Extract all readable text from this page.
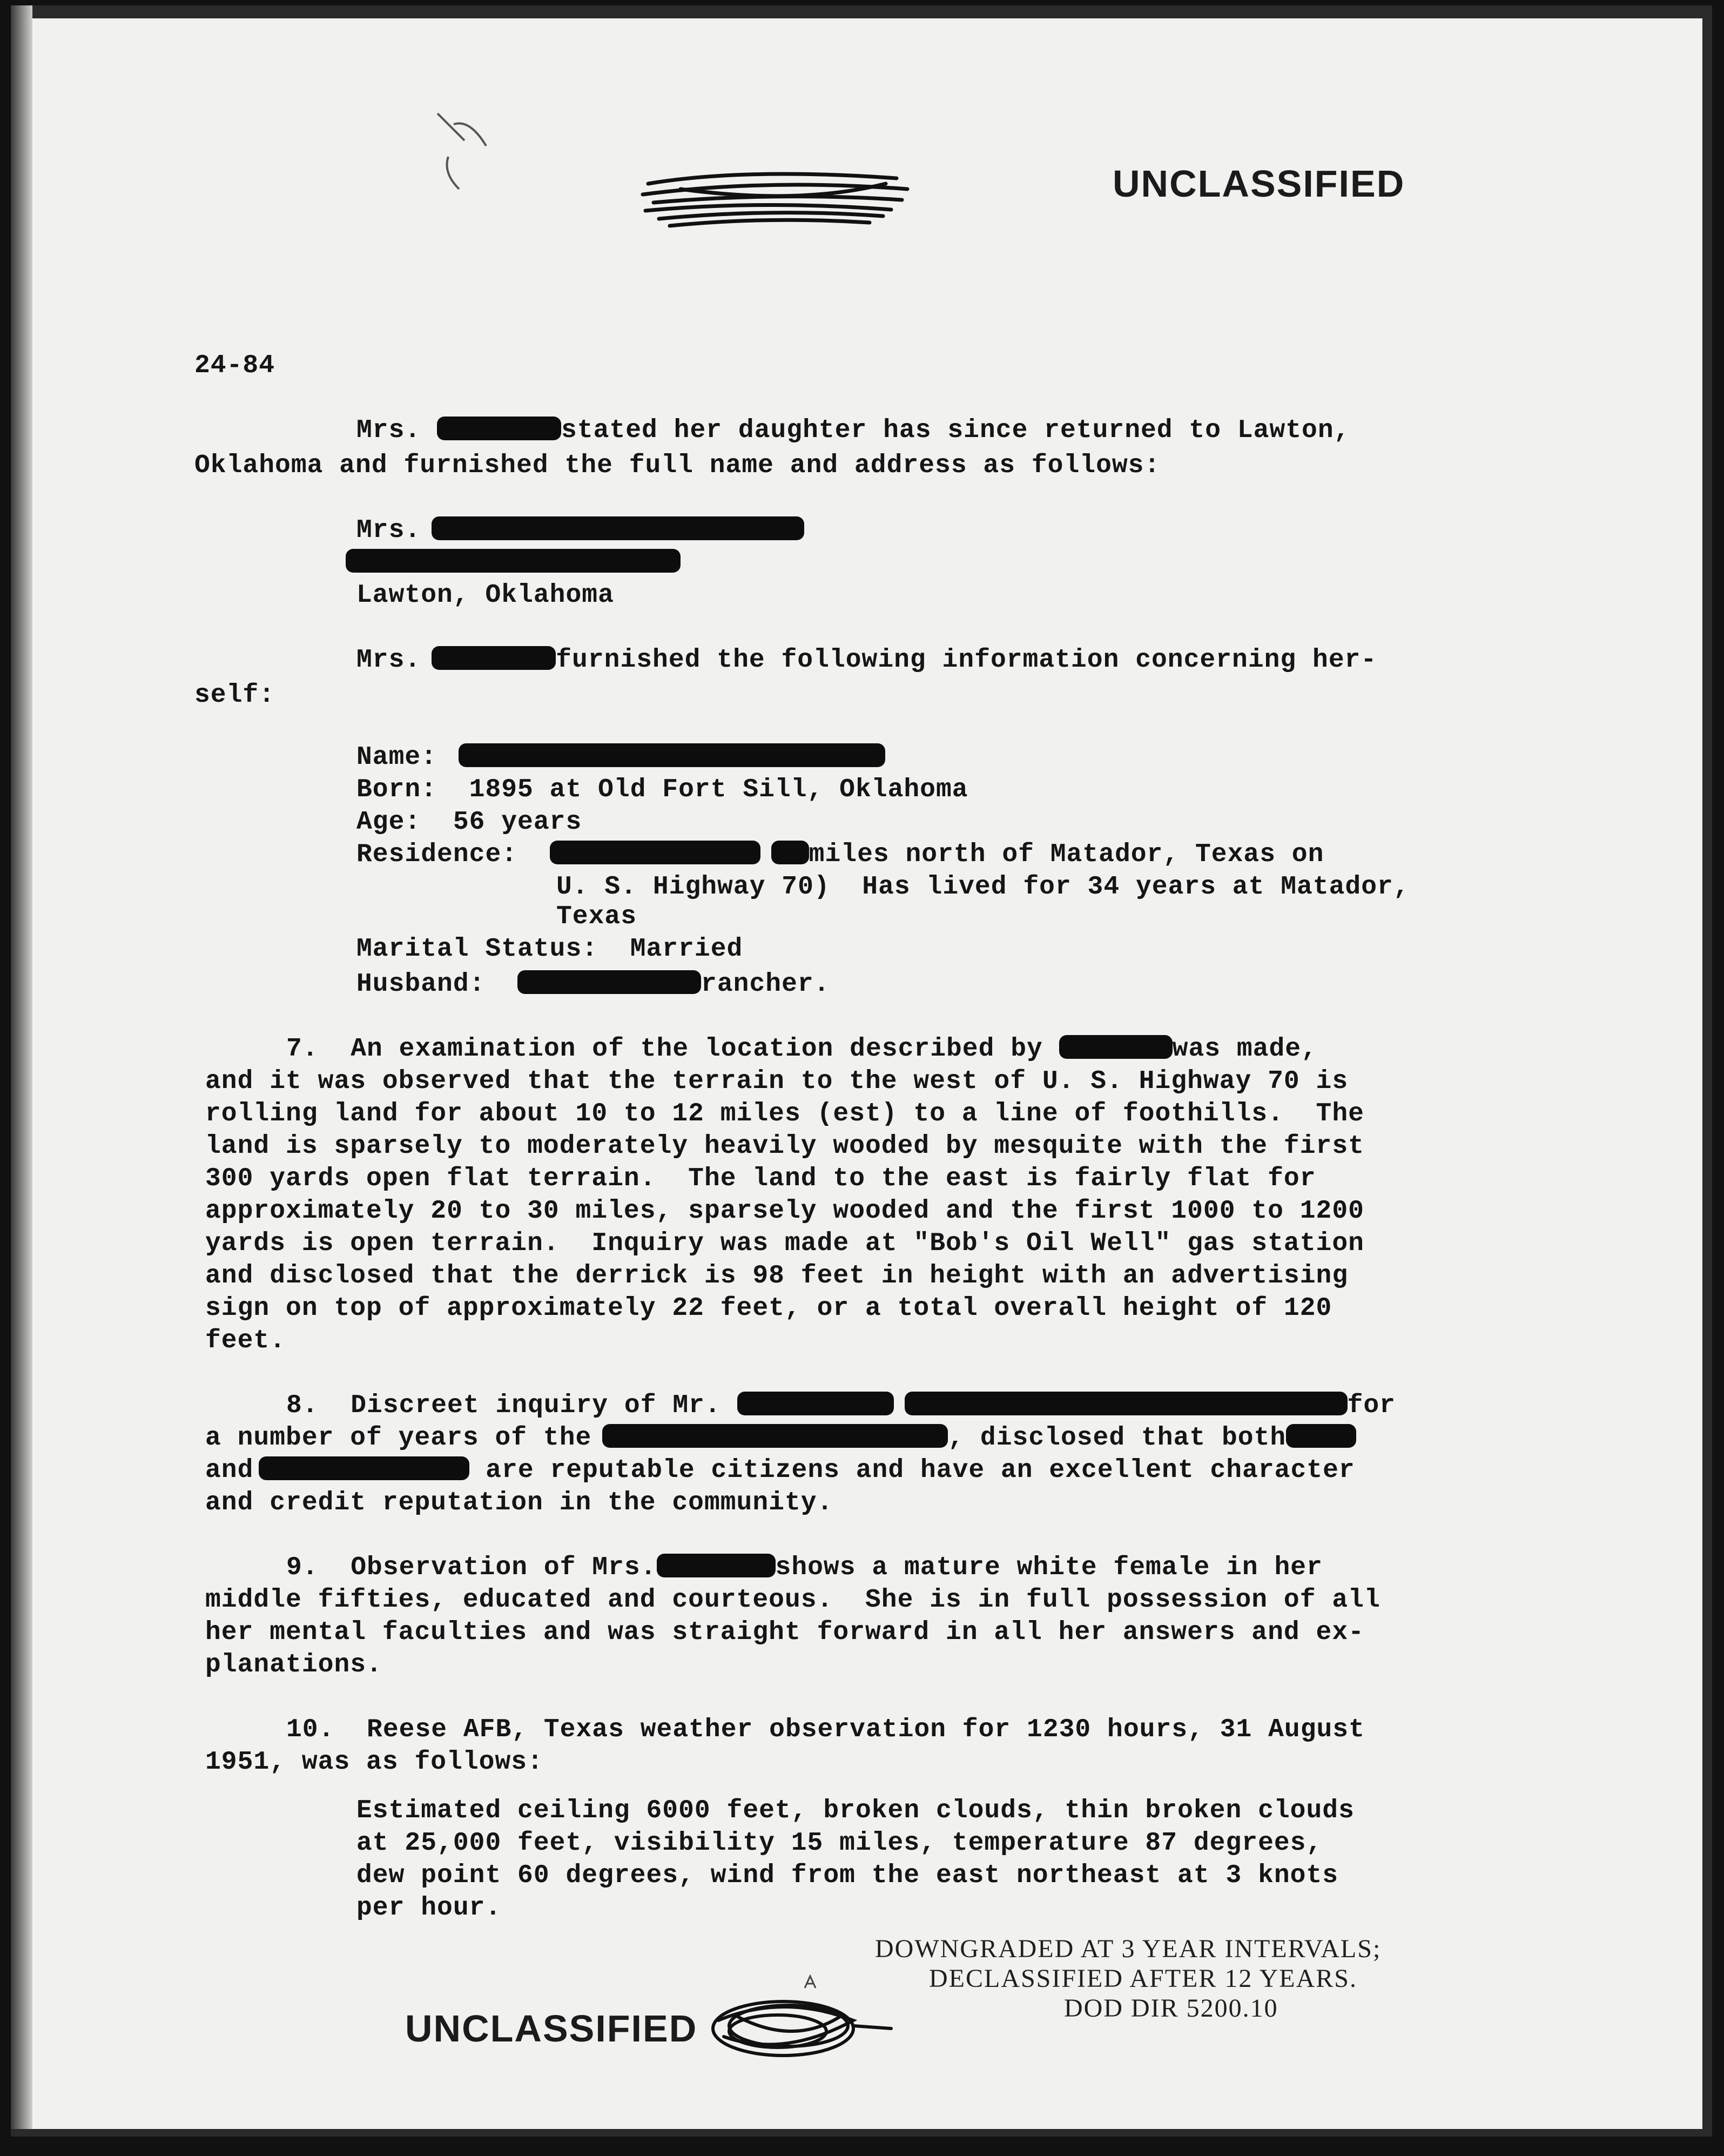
UNCLASSIFIED
24-84
Mrs.	stated her daughter has since returned to Lawton,
Oklahoma and furnished the full name and address as follows:
Mrs.
Lawton, Oklahoma
Mrs.	furnished the following information concerning her-
self:
Name:
Born: 1895 at Old Fort Sill, Oklahoma
Age: 56 years
Residence:	miles north of Matador, Texas on
U. S. Highway 70)  Has lived for 34 years at Matador,
Texas
Marital Status: Married
Husband:	rancher.
7.  An examination of the location described by	was made,
and it was observed that the terrain to the west of U. S. Highway 70 is
rolling land for about 10 to 12 miles (est) to a line of foothills.  The
land is sparsely to moderately heavily wooded by mesquite with the first
300 yards open flat terrain.  The land to the east is fairly flat for
approximately 20 to 30 miles, sparsely wooded and the first 1000 to 1200
yards is open terrain.  Inquiry was made at "Bob's Oil Well" gas station
and disclosed that the derrick is 98 feet in height with an advertising
sign on top of approximately 22 feet, or a total overall height of 120
feet.
8.  Discreet inquiry of Mr.	for
a number of years of the	, disclosed that both
and	are reputable citizens and have an excellent character
and credit reputation in the community.
9.  Observation of Mrs.	shows a mature white female in her
middle fifties, educated and courteous.  She is in full possession of all
her mental faculties and was straight forward in all her answers and ex-
planations.
10.  Reese AFB, Texas weather observation for 1230 hours, 31 August
1951, was as follows:
Estimated ceiling 6000 feet, broken clouds, thin broken clouds
at 25,000 feet, visibility 15 miles, temperature 87 degrees,
dew point 60 degrees, wind from the east northeast at 3 knots
per hour.
DOWNGRADED AT 3 YEAR INTERVALS;
DECLASSIFIED AFTER 12 YEARS.
DOD DIR 5200.10
UNCLASSIFIED
